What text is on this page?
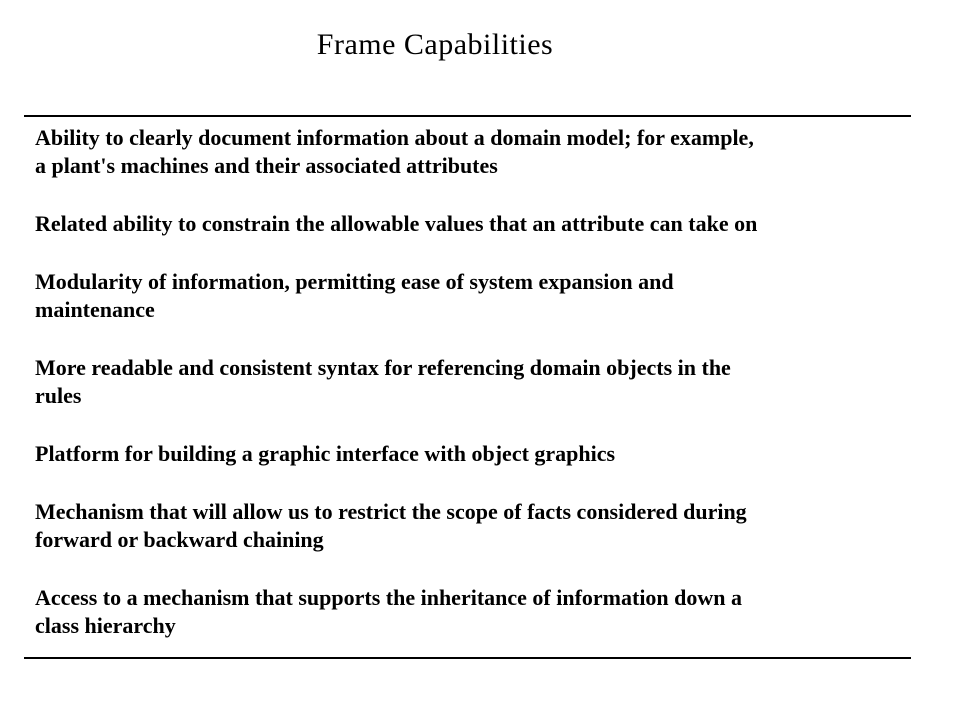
Frame Capabilities
Ability to clearly document information about a domain model; for example,
a plant's machines and their associated attributes
Related ability to constrain the allowable values that an attribute can take on
Modularity of information, permitting ease of system expansion and
maintenance
More readable and consistent syntax for referencing domain objects in the
rules
Platform for building a graphic interface with object graphics
Mechanism that will allow us to restrict the scope of facts considered during
forward or backward chaining
Access to a mechanism that supports the inheritance of information down a
class hierarchy
